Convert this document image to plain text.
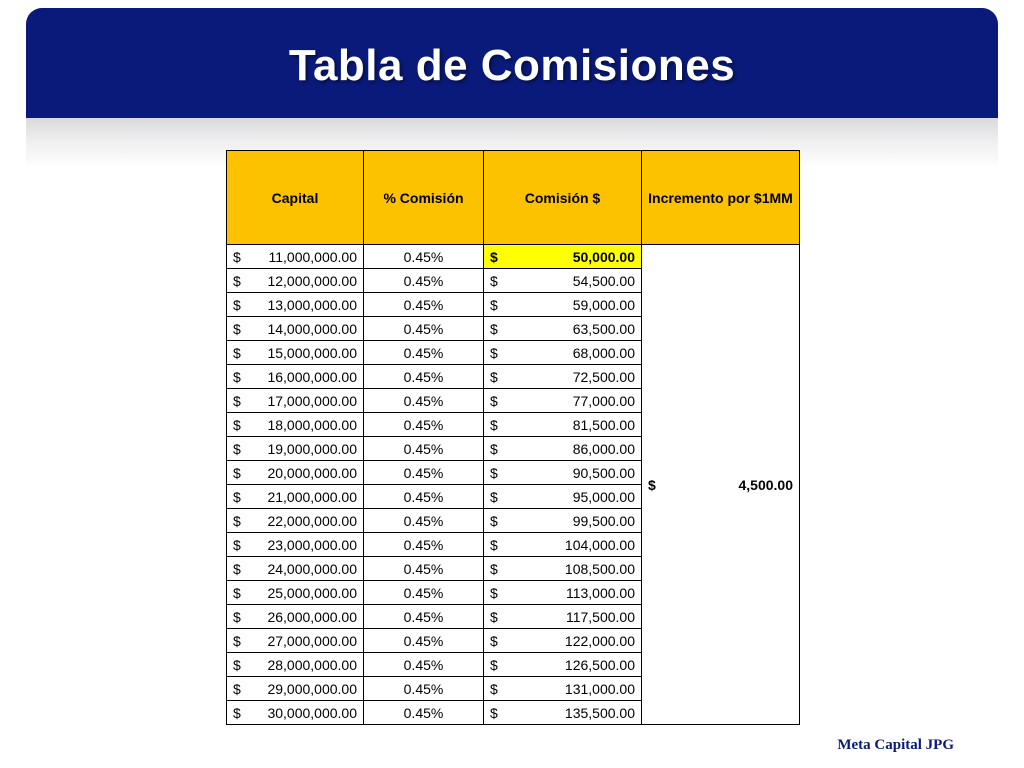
Tabla de Comisiones
Capital	% Comisión	Comisión $	Incremento por $1MM

$ 11,000,000.00	0.45%	$ 50,000.00	$ 4,500.00

$ 12,000,000.00	0.45%	$ 54,500.00	

$ 13,000,000.00	0.45%	$ 59,000.00	

$ 14,000,000.00	0.45%	$ 63,500.00	

$ 15,000,000.00	0.45%	$ 68,000.00	

$ 16,000,000.00	0.45%	$ 72,500.00	

$ 17,000,000.00	0.45%	$ 77,000.00	

$ 18,000,000.00	0.45%	$ 81,500.00	

$ 19,000,000.00	0.45%	$ 86,000.00	

$ 20,000,000.00	0.45%	$ 90,500.00	

$ 21,000,000.00	0.45%	$ 95,000.00	

$ 22,000,000.00	0.45%	$ 99,500.00	

$ 23,000,000.00	0.45%	$ 104,000.00	

$ 24,000,000.00	0.45%	$ 108,500.00	

$ 25,000,000.00	0.45%	$ 113,000.00	

$ 26,000,000.00	0.45%	$ 117,500.00	

$ 27,000,000.00	0.45%	$ 122,000.00	

$ 28,000,000.00	0.45%	$ 126,500.00	

$ 29,000,000.00	0.45%	$ 131,000.00	

$ 30,000,000.00	0.45%	$ 135,500.00	
Meta Capital JPG
